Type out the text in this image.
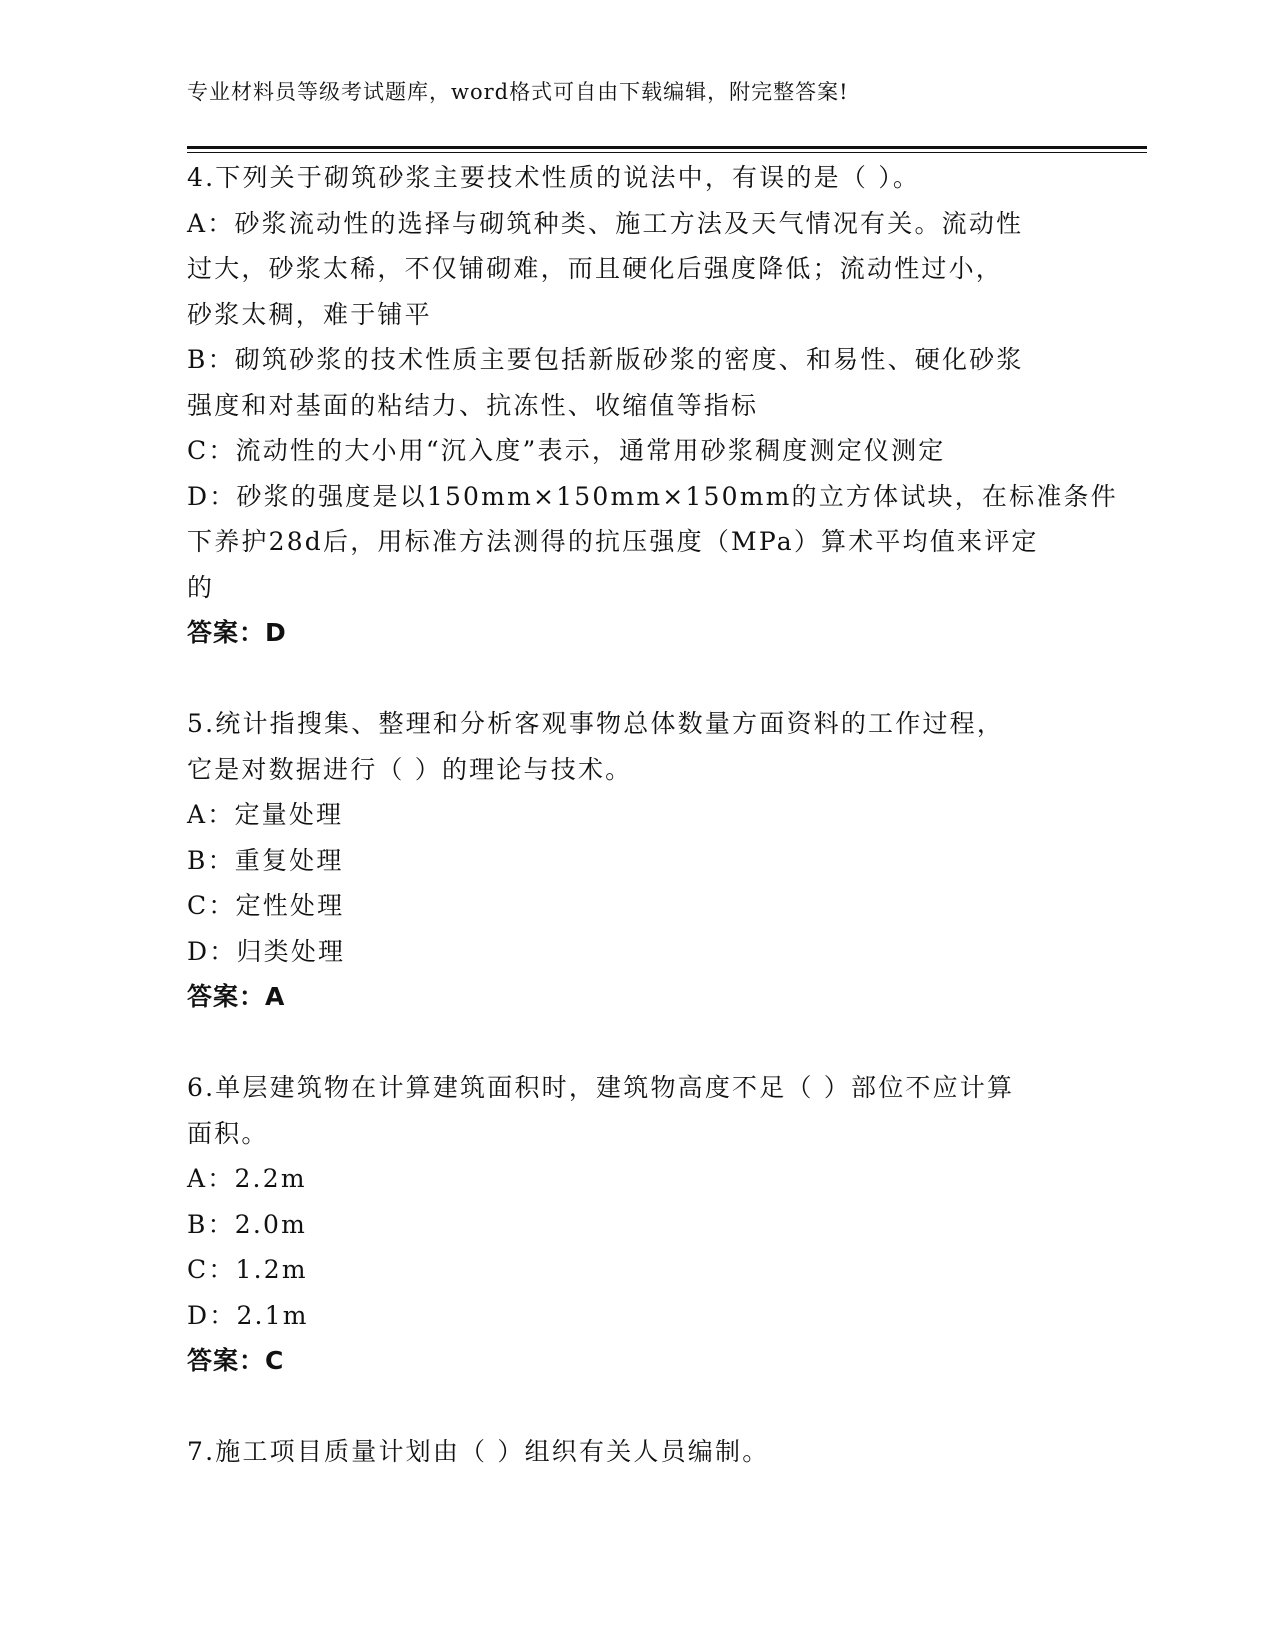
专业材料员等级考试题库，word格式可自由下载编辑，附完整答案!
4.下列关于砌筑砂浆主要技术性质的说法中，有误的是（ ）。
A：砂浆流动性的选择与砌筑种类、施工方法及天气情况有关。流动性
过大，砂浆太稀，不仅铺砌难，而且硬化后强度降低；流动性过小，
砂浆太稠，难于铺平
B：砌筑砂浆的技术性质主要包括新版砂浆的密度、和易性、硬化砂浆
强度和对基面的粘结力、抗冻性、收缩值等指标
C：流动性的大小用“沉入度”表示，通常用砂浆稠度测定仪测定
D：砂浆的强度是以150mm×150mm×150mm的立方体试块，在标准条件
下养护28d后，用标准方法测得的抗压强度（MPa）算术平均值来评定
的
答案：D
5.统计指搜集、整理和分析客观事物总体数量方面资料的工作过程，
它是对数据进行（ ）的理论与技术。
A：定量处理
B：重复处理
C：定性处理
D：归类处理
答案：A
6.单层建筑物在计算建筑面积时，建筑物高度不足（ ）部位不应计算
面积。
A：2.2m
B：2.0m
C：1.2m
D：2.1m
答案：C
7.施工项目质量计划由（ ）组织有关人员编制。
